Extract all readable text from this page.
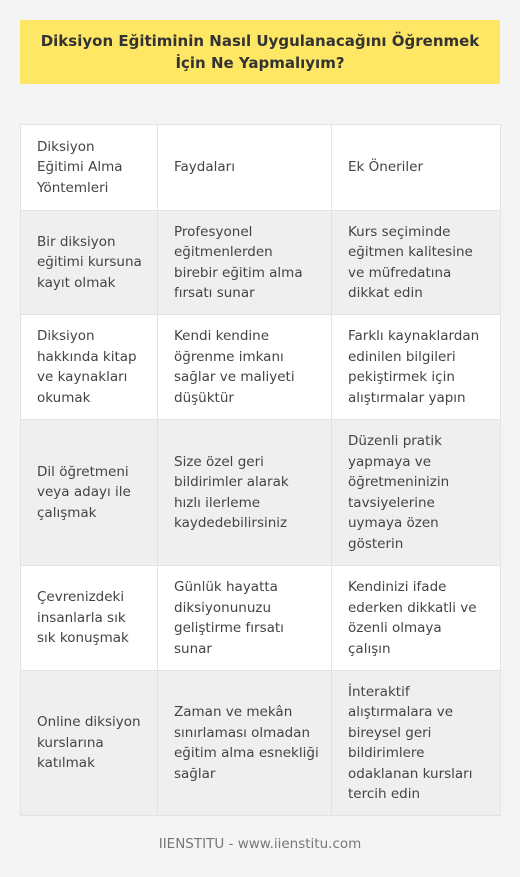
Diksiyon Eğitiminin Nasıl Uygulanacağını Öğrenmek İçin Ne Yapmalıyım?
Diksiyon Eğitimi Alma Yöntemleri	Faydaları	Ek Öneriler
Bir diksiyon eğitimi kursuna kayıt olmak	Profesyonel eğitmenlerden birebir eğitim alma fırsatı sunar	Kurs seçiminde eğitmen kalitesine ve müfredatına dikkat edin
Diksiyon hakkında kitap ve kaynakları okumak	Kendi kendine öğrenme imkanı sağlar ve maliyeti düşüktür	Farklı kaynaklardan edinilen bilgileri pekiştirmek için alıştırmalar yapın
Dil öğretmeni veya adayı ile çalışmak	Size özel geri bildirimler alarak hızlı ilerleme kaydedebilirsiniz	Düzenli pratik yapmaya ve öğretmeninizin tavsiyelerine uymaya özen gösterin
Çevrenizdeki insanlarla sık sık konuşmak	Günlük hayatta diksiyonunuzu geliştirme fırsatı sunar	Kendinizi ifade ederken dikkatli ve özenli olmaya çalışın
Online diksiyon kurslarına katılmak	Zaman ve mekân sınırlaması olmadan eğitim alma esnekliği sağlar	İnteraktif alıştırmalara ve bireysel geri bildirimlere odaklanan kursları tercih edin
IIENSTITU - www.iienstitu.com
